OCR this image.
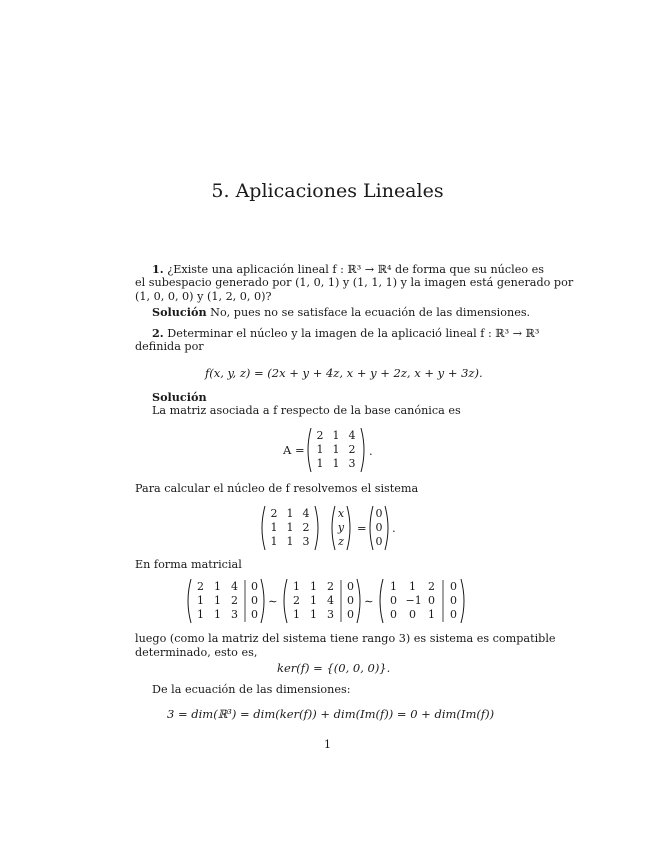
5. Aplicaciones Lineales
1. ¿Existe una aplicación lineal f : ℝ³ → ℝ⁴ de forma que su núcleo es
el subespacio generado por (1, 0, 1) y (1, 1, 1) y la imagen está generado por
(1, 0, 0, 0) y (1, 2, 0, 0)?
Solución No, pues no se satisface la ecuación de las dimensiones.
2. Determinar el núcleo y la imagen de la aplicació lineal f : ℝ³ → ℝ³
definida por
f(x, y, z) = (2x + y + 4z, x + y + 2z, x + y + 3z).
Solución
La matriz asociada a f respecto de la base canónica es
A =
2 1 4
1 1 2
1 1 3
.
Para calcular el núcleo de f resolvemos el sistema
2 1 4
1 1 2
1 1 3
x
y
z
=
0
0
0
.
En forma matricial
2 1 4	0
1 1 2	0
1 1 3	0
∼
1 1 2	0
2 1 4	0
1 1 3	0
∼
1	1	2	0
0 −1 0	0
0	0	1	0
luego (como la matriz del sistema tiene rango 3) es sistema es compatible
determinado, esto es,
ker(f) = {(0, 0, 0)}.
De la ecuación de las dimensiones:
3 = dim(ℝ³) = dim(ker(f)) + dim(Im(f)) = 0 + dim(Im(f))
1
